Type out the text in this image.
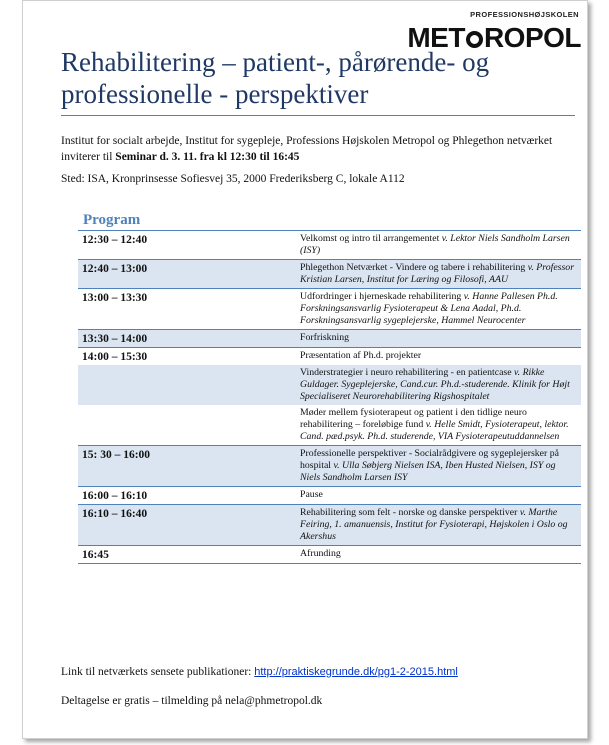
PROFESSIONSHØJSKOLEN
MET ROPOL
Rehabilitering – patient-, pårørende- og professionelle - perspektiver
Institut for socialt arbejde, Institut for sygepleje, Professions Højskolen Metropol og Phlegethon netværket inviterer til Seminar d. 3. 11. fra kl 12:30 til 16:45
Sted: ISA, Kronprinsesse Sofiesvej 35, 2000 Frederiksberg C, lokale A112
Program
12:30 – 12:40	Velkomst og intro til arrangementet v. Lektor Niels Sandholm Larsen (ISY)
12:40 – 13:00	Phlegethon Netværket - Vindere og tabere i rehabilitering v. Professor Kristian Larsen, Institut for Læring og Filosofi, AAU
13:00 – 13:30	Udfordringer i hjerneskade rehabilitering v. Hanne Pallesen Ph.d. Forskningsansvarlig Fysioterapeut & Lena Aadal, Ph.d. Forskningsansvarlig sygeplejerske, Hammel Neurocenter
13:30 – 14:00	Forfriskning
14:00 – 15:30	Præsentation af Ph.d. projekter
	Vinderstrategier i neuro rehabilitering - en patientcase v. Rikke Guldager. Sygeplejerske, Cand.cur. Ph.d.-studerende. Klinik for Højt Specialiseret Neurorehabilitering Rigshospitalet
	Møder mellem fysioterapeut og patient i den tidlige neuro rehabilitering – foreløbige fund v. Helle Smidt, Fysioterapeut, lektor. Cand. pæd.psyk. Ph.d. studerende, VIA Fysioterapeutuddannelsen
15: 30 – 16:00	Professionelle perspektiver - Socialrådgivere og sygeplejersker på hospital v. Ulla Søbjerg Nielsen ISA, Iben Husted Nielsen, ISY og Niels Sandholm Larsen ISY
16:00 – 16:10	Pause
16:10 – 16:40	Rehabilitering som felt - norske og danske perspektiver v. Marthe Feiring, 1. amanuensis, Institut for Fysioterapi, Højskolen i Oslo og Akershus
16:45	Afrunding
Link til netværkets sensete publikationer: http://praktiskegrunde.dk/pg1-2-2015.html
Deltagelse er gratis – tilmelding på nela@phmetropol.dk
